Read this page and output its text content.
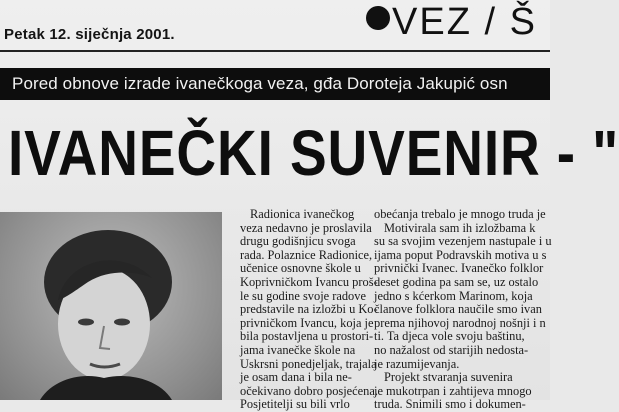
Petak 12. siječnja 2001.	VEZ / Š
Pored obnove izrade ivanečkoga veza, gđa Doroteja Jakupić osn
IVANEČKI SUVENIR - "
Radionica ivanečkog
veza nedavno je proslavila
drugu godišnjicu svoga
rada. Polaznice Radionice,
učenice osnovne škole u
Koprivničkom Ivancu proš-
le su godine svoje radove
predstavile na izložbi u Ko-
privničkom Ivancu, koja je
bila postavljena u prostori-
jama ivanečke škole na
Uskrsni ponedjeljak, trajala
je osam dana i bila ne-
očekivano dobro posjećena.
Posjetitelji su bili vrlo
obećanja trebalo je mnogo truda je
Motivirala sam ih izložbama k
su sa svojim vezenjem nastupale i u
ijama poput Podravskih motiva u s
privnički Ivanec. Ivanečko folklor
deset godina pa sam se, uz ostalo
jedno s kćerkom Marinom, koja
članove folklora naučile smo ivan
prema njihovoj narodnoj nošnji i n
ti. Ta djeca vole svoju baštinu,
no nažalost od starijih nedosta-
je razumijevanja.
Projekt stvaranja suvenira
je mukotrpan i zahtijeva mnogo
truda. Snimili smo i dokumen-
